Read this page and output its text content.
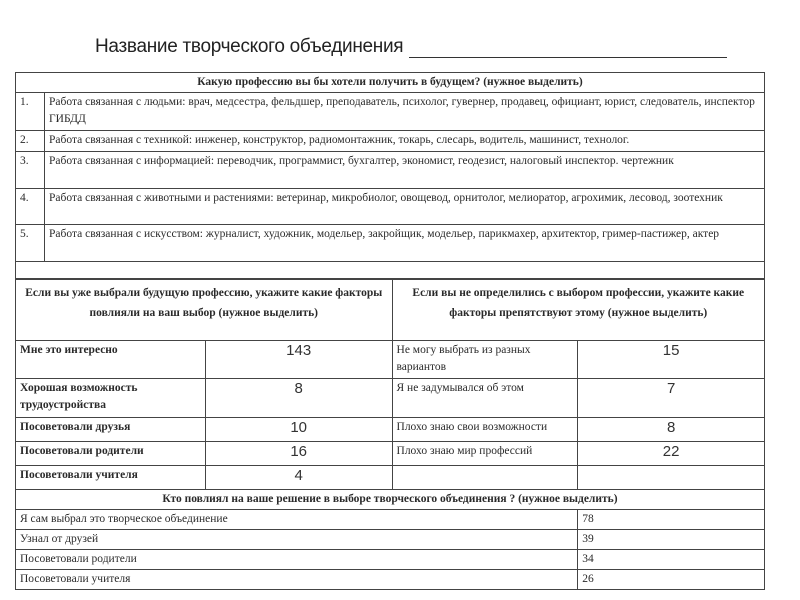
Название творческого объединения
Какую профессию вы бы хотели получить в будущем? (нужное выделить)	
1.	Работа связанная с людьми: врач, медсестра, фельдшер, преподаватель, психолог, гувернер, продавец, официант, юрист, следователь, инспектор ГИБДД
2.	Работа связанная с техникой: инженер, конструктор, радиомонтажник, токарь, слесарь, водитель, машинист, технолог.
3.	Работа связанная с информацией: переводчик, программист, бухгалтер, экономист, геодезист, налоговый инспектор. чертежник
4.	Работа связанная с животными и растениями: ветеринар, микробиолог, овощевод, орнитолог, мелиоратор, агрохимик, лесовод, зоотехник
5.	Работа связанная с искусством: журналист, художник, модельер, закройщик, модельер, парикмахер, архитектор, гример-пастижер, актер

Если вы уже выбрали будущую профессию, укажите какие факторы повлияли на ваш выбор (нужное выделить)		Если вы не определились с выбором профессии, укажите какие факторы препятствуют этому (нужное выделить)	
Мне это интересно	143	Не могу выбрать из разных вариантов	15
Хорошая возможность трудоустройства	8	Я не задумывался об этом	7
Посоветовали друзья	10	Плохо знаю свои возможности	8
Посоветовали родители	16	Плохо знаю мир профессий	22
Посоветовали учителя	4		
Кто повлиял на ваше решение в выборе творческого объединения ? (нужное выделить)			
Я сам выбрал это творческое объединение			78
Узнал от друзей			39
Посоветовали родители			34
Посоветовали учителя			26
